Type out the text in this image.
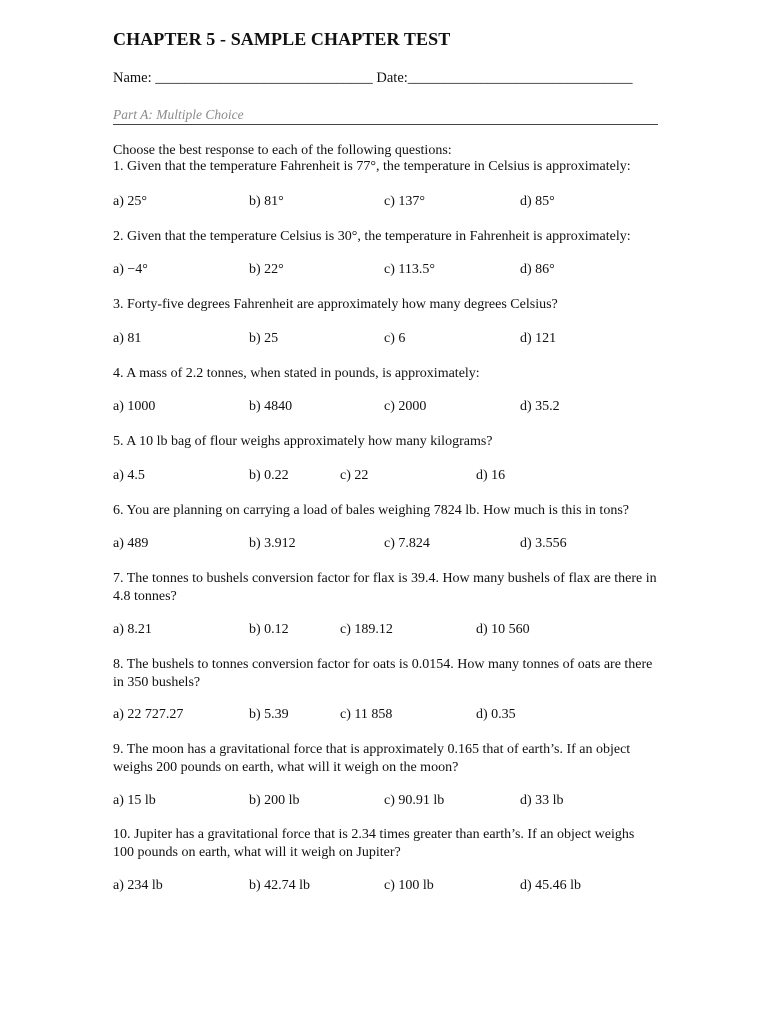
CHAPTER 5 - SAMPLE CHAPTER TEST
Name: ______________________________ Date:_______________________________
Part A: Multiple Choice
Choose the best response to each of the following questions:
1. Given that the temperature Fahrenheit is 77°, the temperature in Celsius is approximately:
a) 25°	b) 81°	c) 137°	d) 85°
2. Given that the temperature Celsius is 30°, the temperature in Fahrenheit is approximately:
a) −4°	b) 22°	c) 113.5°	d) 86°
3. Forty-five degrees Fahrenheit are approximately how many degrees Celsius?
a) 81	b) 25	c) 6	d) 121
4. A mass of 2.2 tonnes, when stated in pounds, is approximately:
a) 1000	b) 4840	c) 2000	d) 35.2
5. A 10 lb bag of flour weighs approximately how many kilograms?
a) 4.5	b) 0.22	c) 22	d) 16
6. You are planning on carrying a load of bales weighing 7824 lb. How much is this in tons?
a) 489	b) 3.912	c) 7.824	d) 3.556
7. The tonnes to bushels conversion factor for flax is 39.4. How many bushels of flax are there in 4.8 tonnes?
a) 8.21	b) 0.12	c) 189.12	d) 10 560
8. The bushels to tonnes conversion factor for oats is 0.0154. How many tonnes of oats are there in 350 bushels?
a) 22 727.27	b) 5.39	c) 11 858	d) 0.35
9. The moon has a gravitational force that is approximately 0.165 that of earth’s. If an object weighs 200 pounds on earth, what will it weigh on the moon?
a) 15 lb	b) 200 lb	c) 90.91 lb	d) 33 lb
10. Jupiter has a gravitational force that is 2.34 times greater than earth’s. If an object weighs 100 pounds on earth, what will it weigh on Jupiter?
a) 234 lb	b) 42.74 lb	c) 100 lb	d) 45.46 lb
